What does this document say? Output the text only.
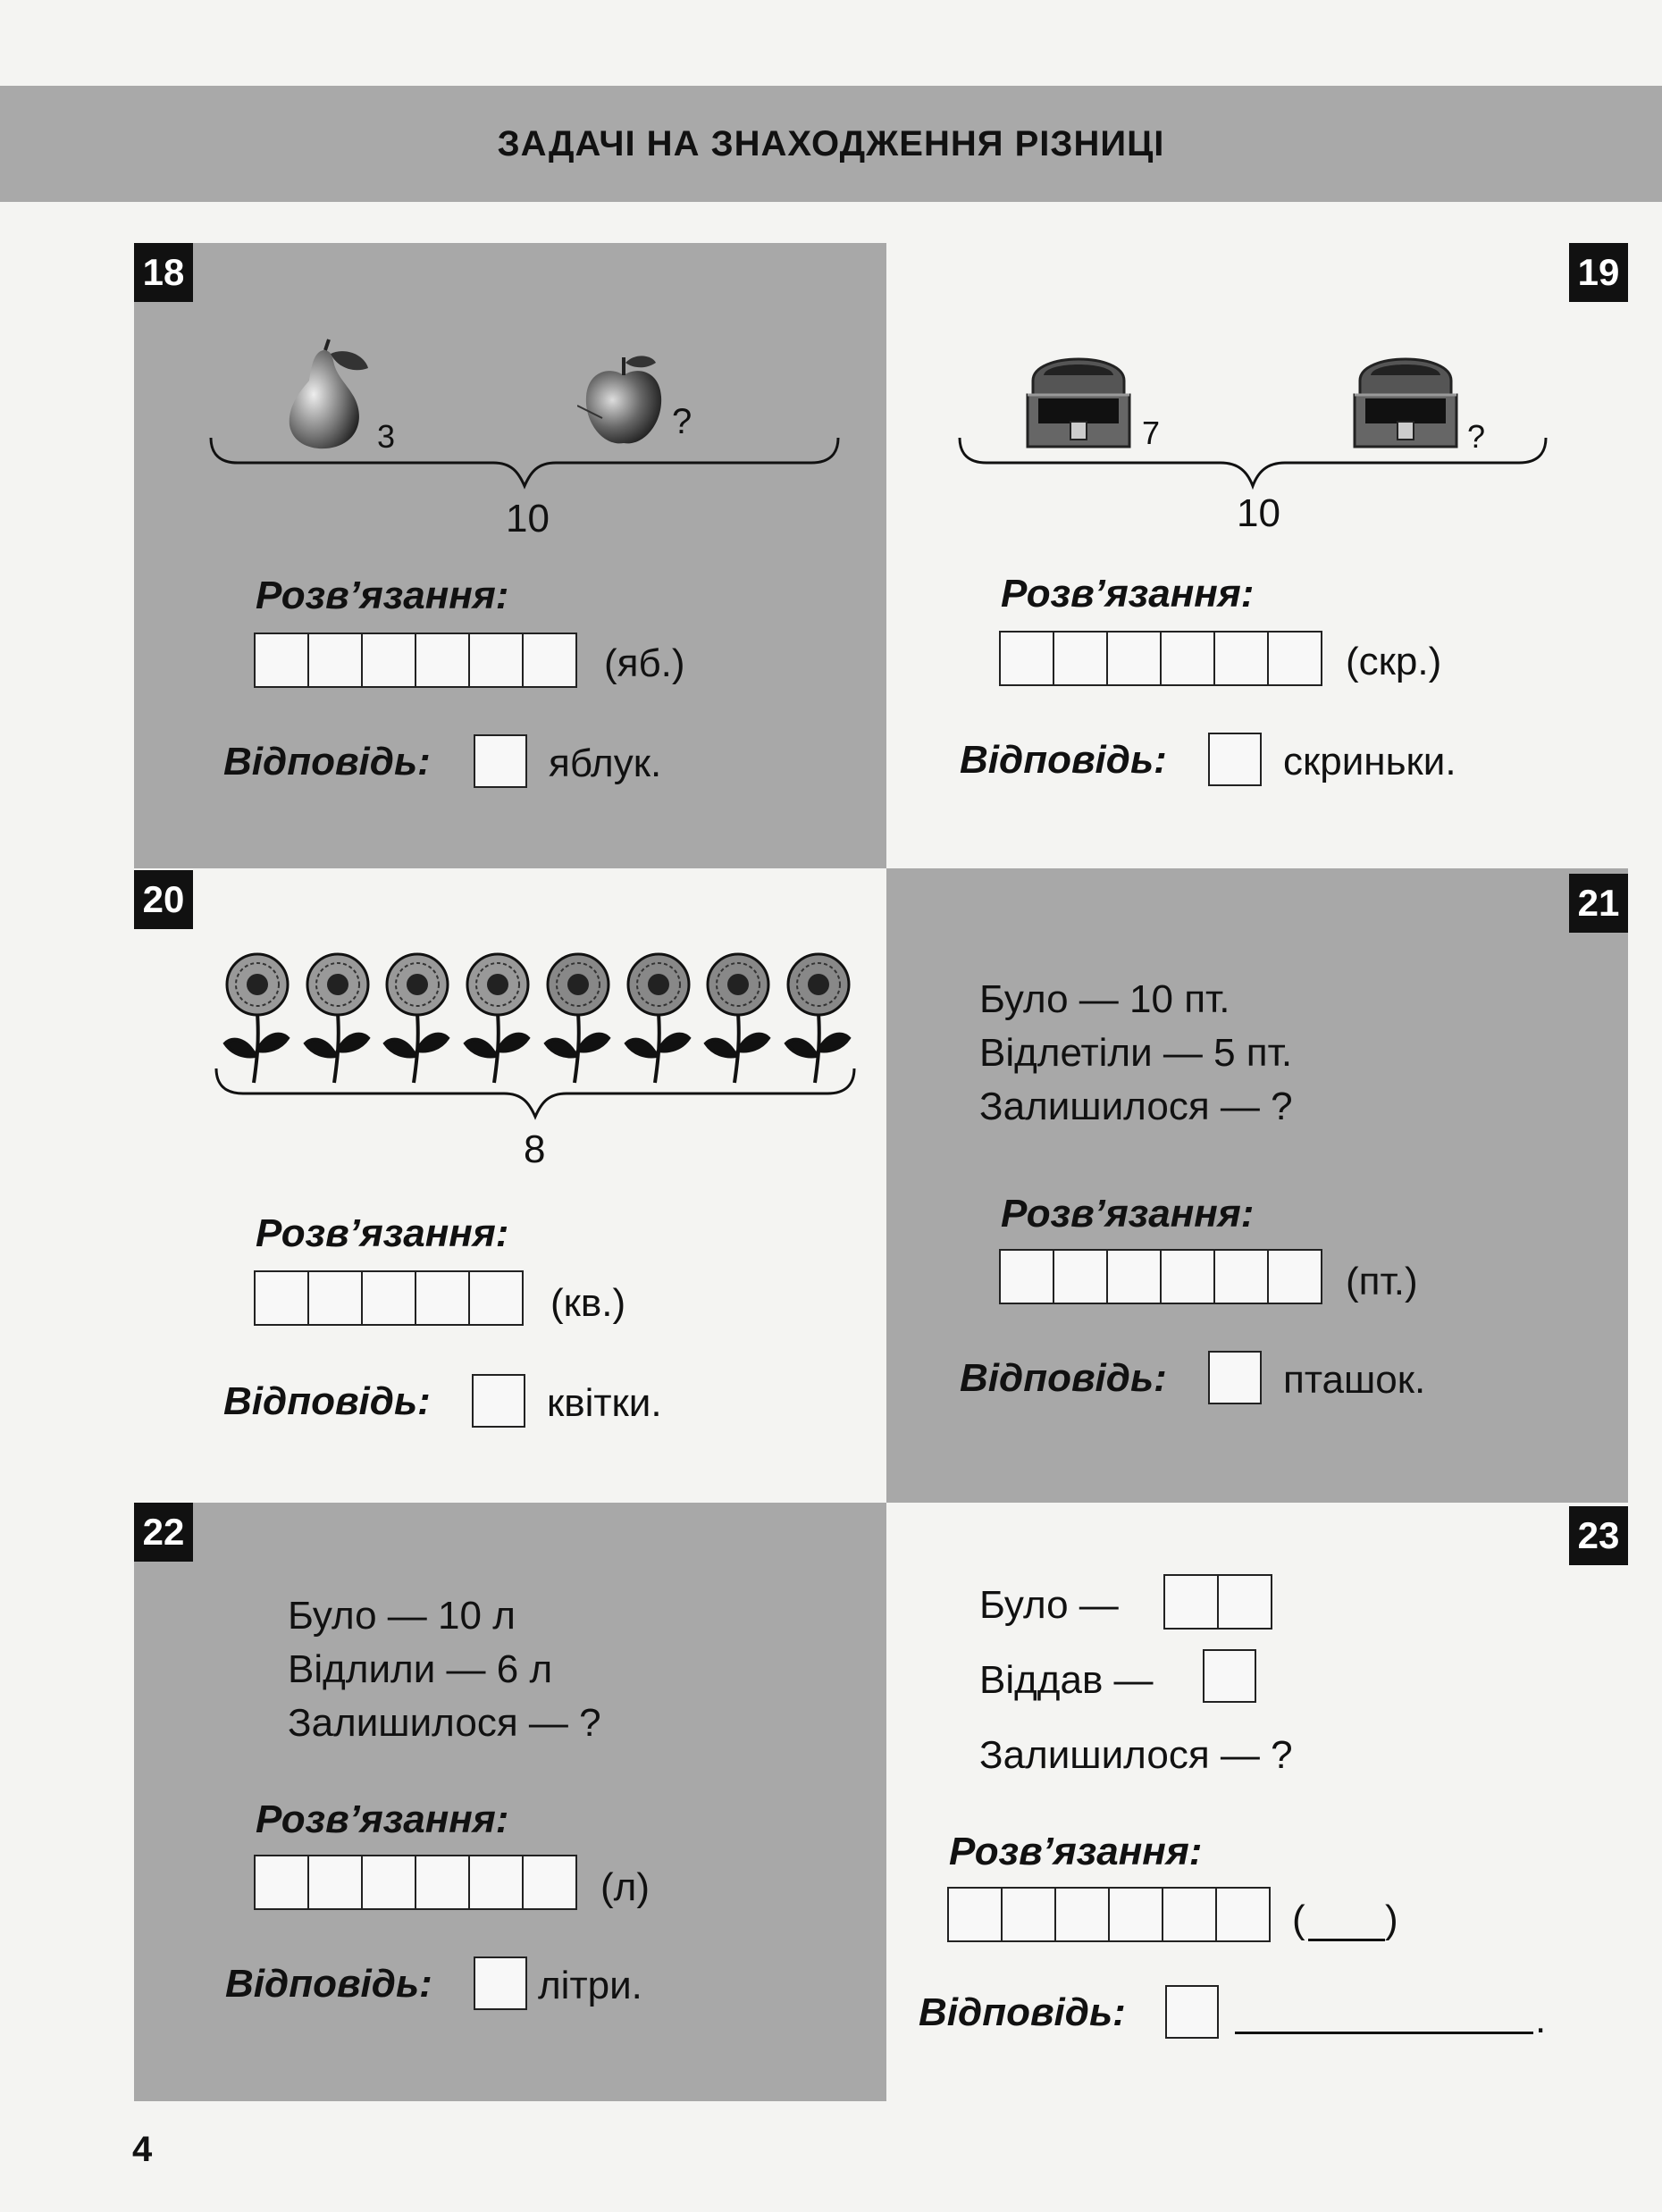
ЗАДАЧІ НА ЗНАХОДЖЕННЯ РІЗНИЦІ
18
3	?
10
Розв’язання:
(яб.)
Відповідь:	яблук.
19
7	?
10
Розв’язання:
(скр.)
Відповідь:	скриньки.
20
8
Розв’язання:
(кв.)
Відповідь:	квітки.
21
Було — 10 пт.
Відлетіли — 5 пт.
Залишилося — ?
Розв’язання:
(пт.)
Відповідь:	пташок.
22
Було — 10 л
Відлили — 6 л
Залишилося — ?
Розв’язання:
(л)
Відповідь:	літри.
23
Було —
Віддав —
Залишилося — ?
Розв’язання:
( )
Відповідь:	.
4
